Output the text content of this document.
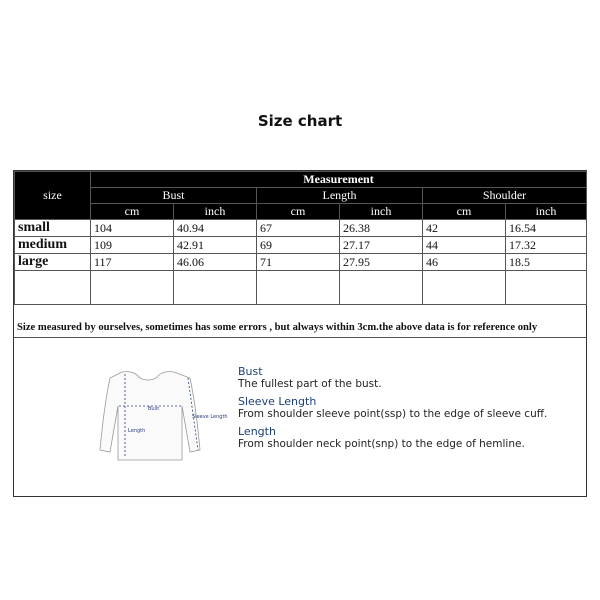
Size chart
size	Measurement					
	Bust		Length		Shoulder	
	cm	inch	cm	inch	cm	inch
small	104	40.94	67	26.38	42	16.54
medium	109	42.91	69	27.17	44	17.32
large	117	46.06	71	27.95	46	18.5

Size measured by ourselves, sometimes has some errors , but always within 3cm.the above data is for reference only
Bust
Sleeve Length
Length
Bust
The fullest part of the bust.
Sleeve Length
From shoulder sleeve point(ssp) to the edge of sleeve cuff.
Length
From shoulder neck point(snp) to the edge of hemline.
